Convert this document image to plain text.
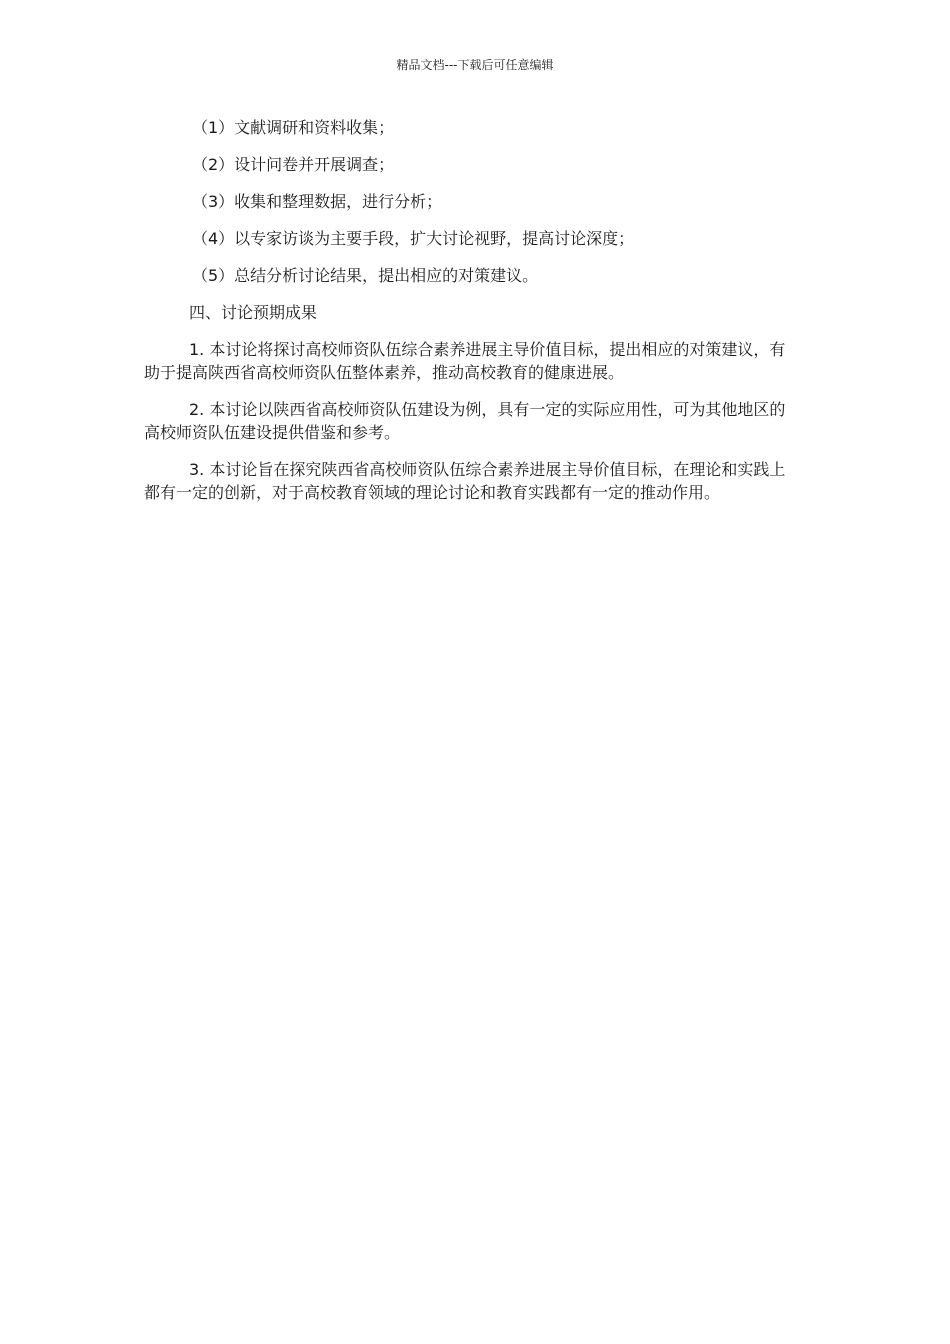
精品文档---下载后可任意编辑
（1）文献调研和资料收集；
（2）设计问卷并开展调查；
（3）收集和整理数据，进行分析；
（4）以专家访谈为主要手段，扩大讨论视野，提高讨论深度；
（5）总结分析讨论结果，提出相应的对策建议。
四、讨论预期成果
1. 本讨论将探讨高校师资队伍综合素养进展主导价值目标，提出相应的对策建议，有助于提高陕西省高校师资队伍整体素养，推动高校教育的健康进展。
2. 本讨论以陕西省高校师资队伍建设为例，具有一定的实际应用性，可为其他地区的高校师资队伍建设提供借鉴和参考。
3. 本讨论旨在探究陕西省高校师资队伍综合素养进展主导价值目标，在理论和实践上都有一定的创新，对于高校教育领域的理论讨论和教育实践都有一定的推动作用。
